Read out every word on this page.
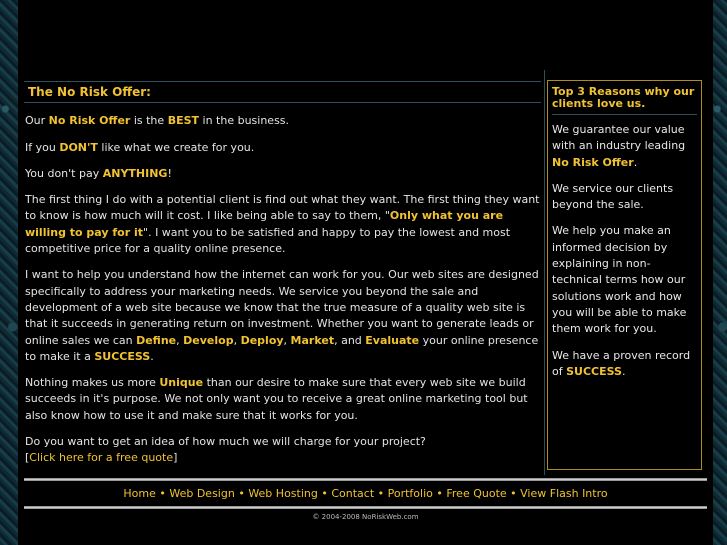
The No Risk Offer:

Our No Risk Offer is the BEST in the business.

If you DON'T like what we create for you.

You don't pay ANYTHING!

The first thing I do with a potential client is find out what they want. The first thing they want to know is how much will it cost. I like being able to say to them, "Only what you are willing to pay for it". I want you to be satisfied and happy to pay the lowest and most competitive price for a quality online presence.

I want to help you understand how the internet can work for you. Our web sites are designed specifically to address your marketing needs. We service you beyond the sale and development of a web site because we know that the true measure of a quality web site is that it succeeds in generating return on investment. Whether you want to generate leads or online sales we can Define, Develop, Deploy, Market, and Evaluate your online presence to make it a SUCCESS.

Nothing makes us more Unique than our desire to make sure that every web site we build succeeds in it's purpose. We not only want you to receive a great online marketing tool but also know how to use it and make sure that it works for you.

Do you want to get an idea of how much we will charge for your project?
[Click here for a free quote]

Top 3 Reasons why our clients love us.

We guarantee our value with an industry leading No Risk Offer.

We service our clients beyond the sale.

We help you make an informed decision by explaining in non-technical terms how our solutions work and how you will be able to make them work for you.

We have a proven record of SUCCESS.

Home • Web Design • Web Hosting • Contact • Portfolio • Free Quote • View Flash Intro
© 2004-2008 NoRiskWeb.com
